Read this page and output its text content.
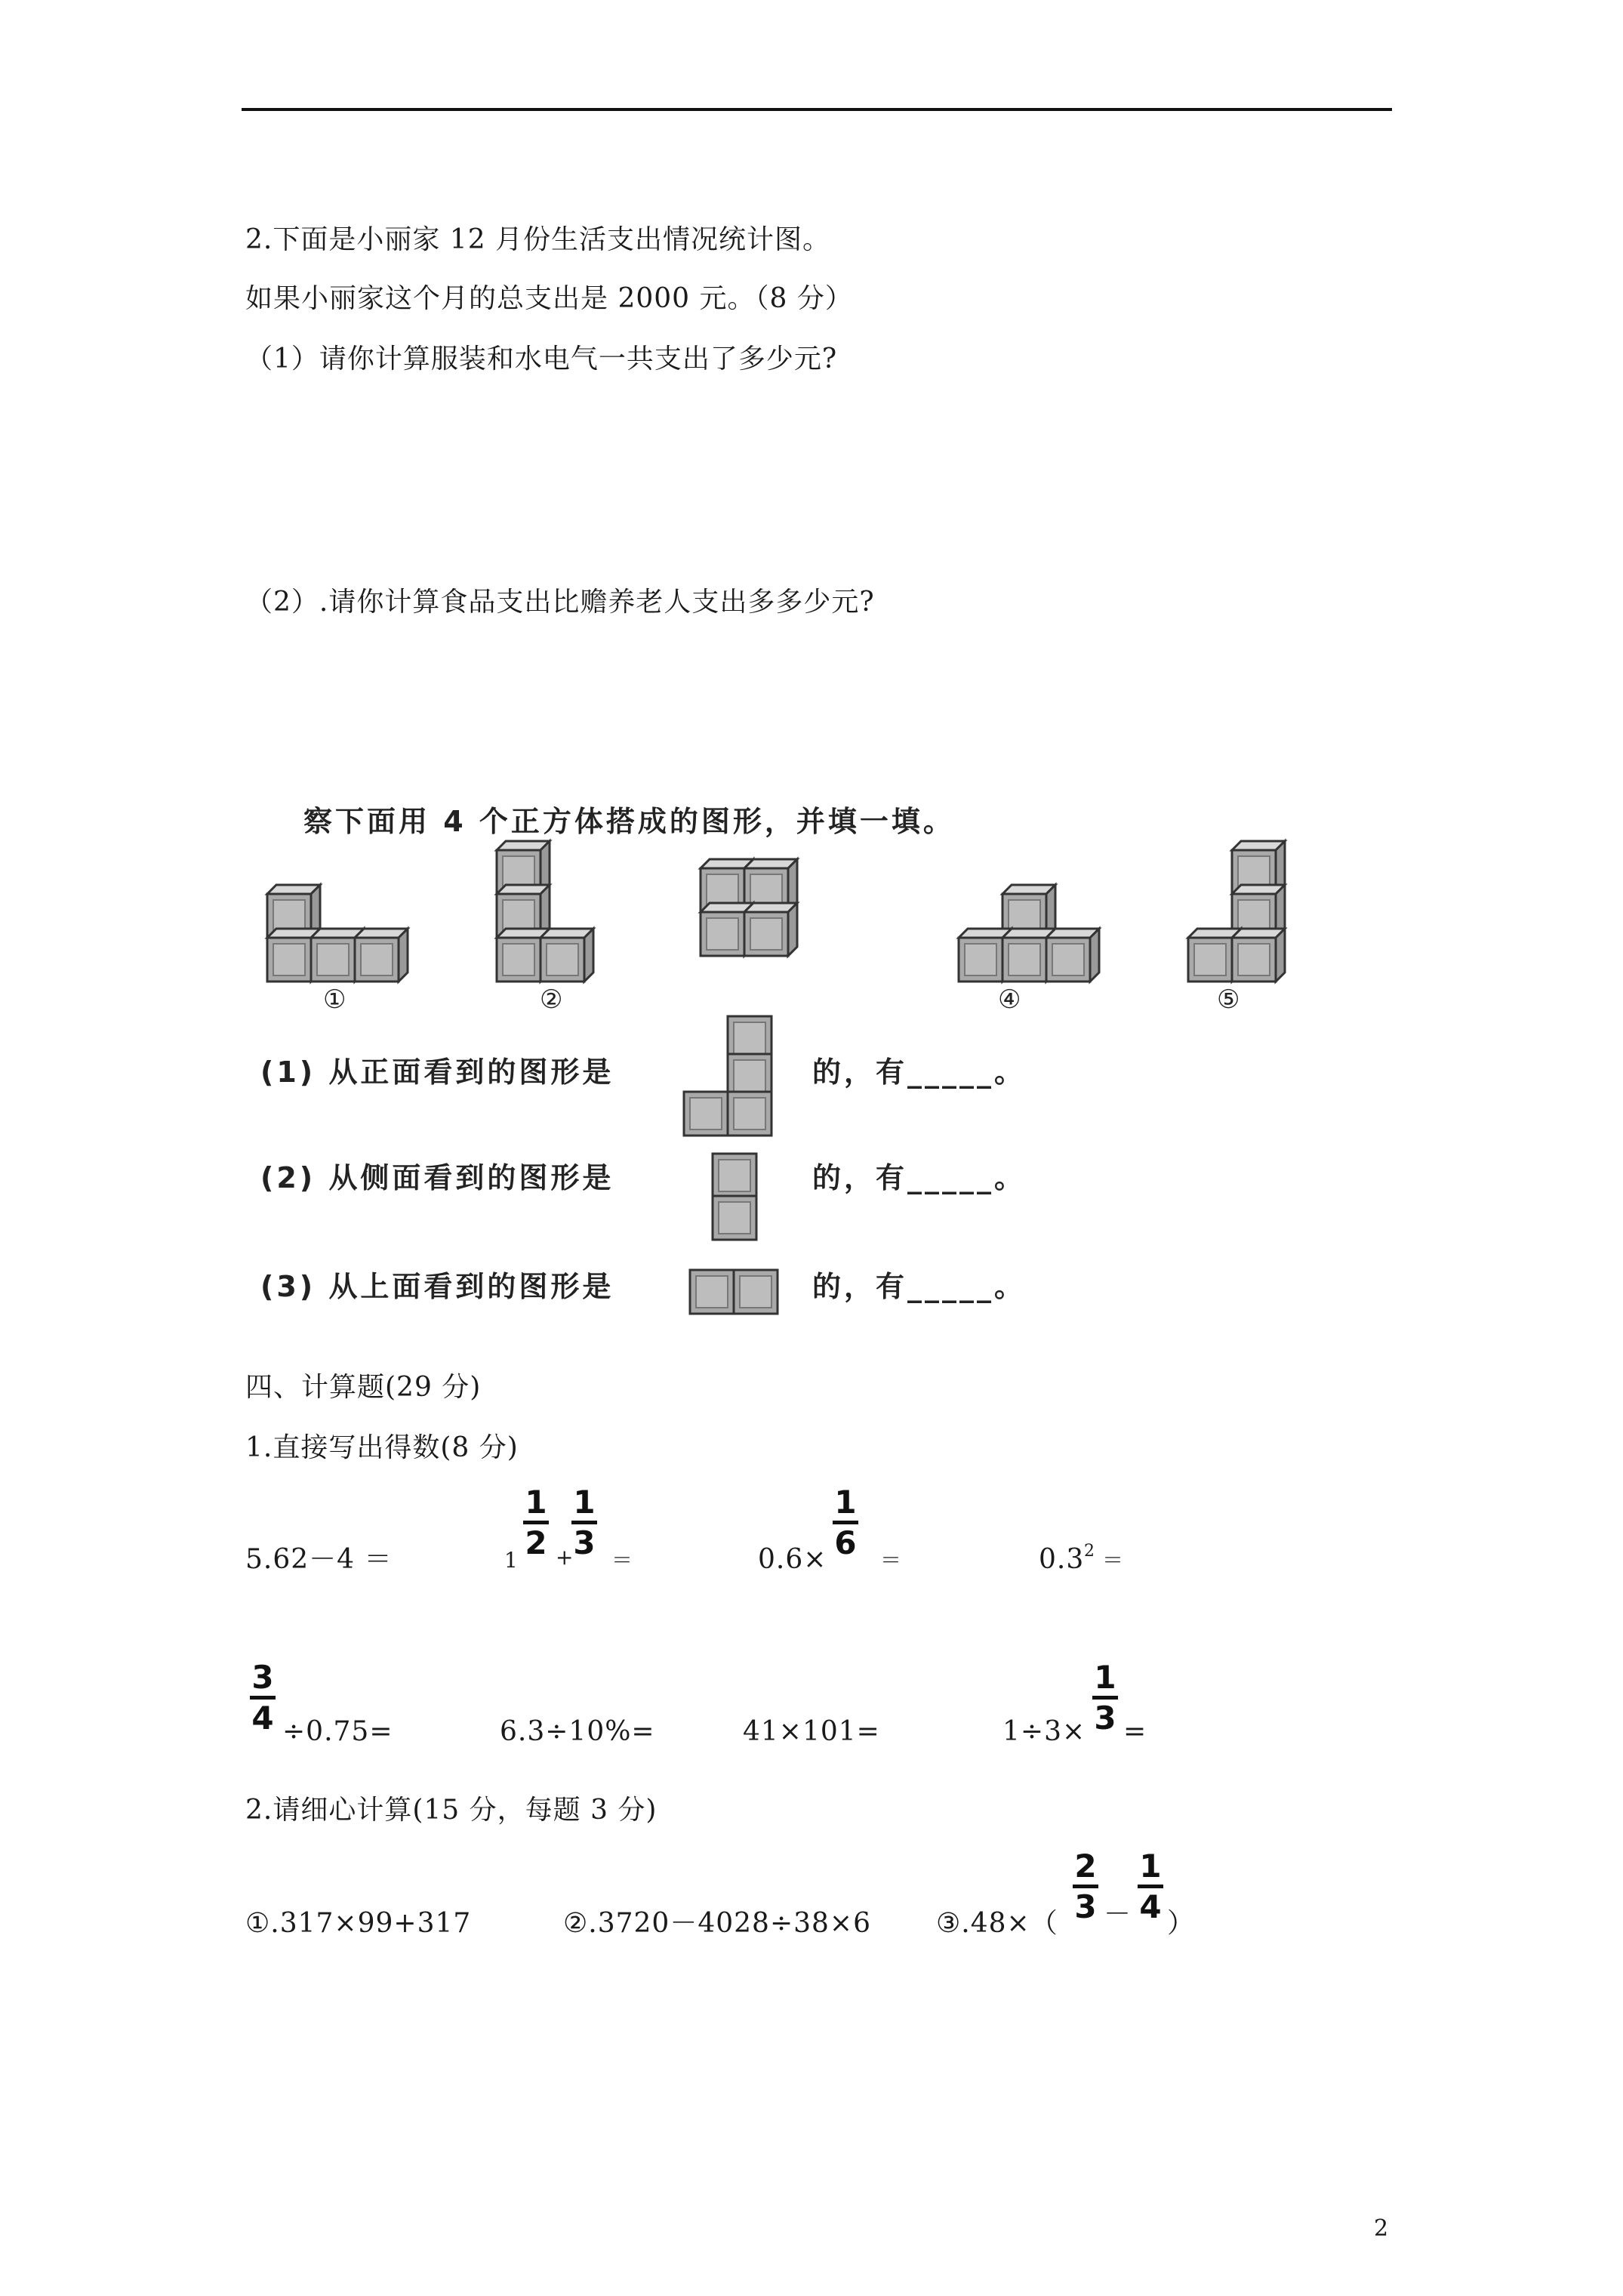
2.下面是小丽家 12 月份生活支出情况统计图。
如果小丽家这个月的总支出是 2000 元。（8 分）
（1）请你计算服装和水电气一共支出了多少元?
（2）.请你计算食品支出比赡养老人支出多多少元?
察下面用 4 个正方体搭成的图形，并填一填。
①	②	④	⑤
(1) 从正面看到的图形是	的，有_____。
(2) 从侧面看到的图形是	的，有_____。
(3) 从上面看到的图形是	的，有_____。
四、计算题(29 分)
1.直接写出得数(8 分)
5.62－4 ＝	1
1
2 +
1
3 ＝	0.6×
1
6 ＝	0.3 2 ＝
3
4 ÷0.75=	6.3÷10%=	41×101=	1÷3×
1
3 =
2.请细心计算(15 分，每题 3 分)
①.317×99+317	②.3720－4028÷38×6 ③.48×（
2
3 －
1
4 ）
2
